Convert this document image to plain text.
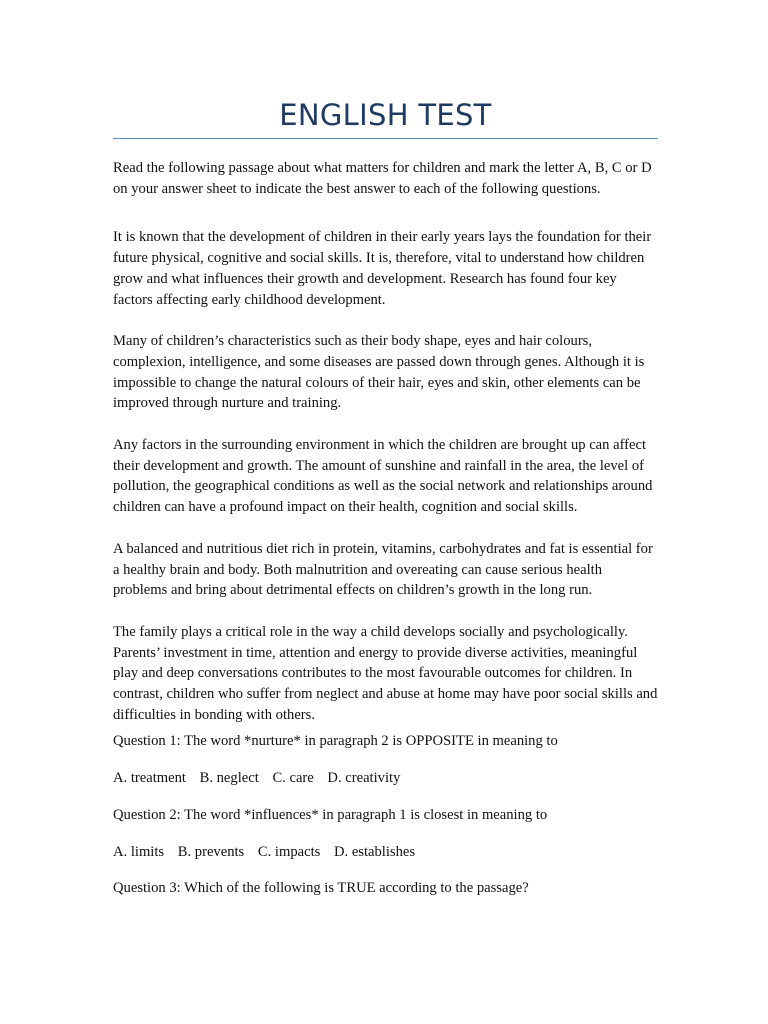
ENGLISH TEST

Read the following passage about what matters for children and mark the letter A, B, C or D on your answer sheet to indicate the best answer to each of the following questions.

It is known that the development of children in their early years lays the foundation for their future physical, cognitive and social skills. It is, therefore, vital to understand how children grow and what influences their growth and development. Research has found four key factors affecting early childhood development.

Many of children’s characteristics such as their body shape, eyes and hair colours, complexion, intelligence, and some diseases are passed down through genes. Although it is impossible to change the natural colours of their hair, eyes and skin, other elements can be improved through nurture and training.

Any factors in the surrounding environment in which the children are brought up can affect their development and growth. The amount of sunshine and rainfall in the area, the level of pollution, the geographical conditions as well as the social network and relationships around children can have a profound impact on their health, cognition and social skills.

A balanced and nutritious diet rich in protein, vitamins, carbohydrates and fat is essential for a healthy brain and body. Both malnutrition and overeating can cause serious health problems and bring about detrimental effects on children’s growth in the long run.

The family plays a critical role in the way a child develops socially and psychologically. Parents’ investment in time, attention and energy to provide diverse activities, meaningful play and deep conversations contributes to the most favourable outcomes for children. In contrast, children who suffer from neglect and abuse at home may have poor social skills and difficulties in bonding with others.

Question 1: The word *nurture* in paragraph 2 is OPPOSITE in meaning to

A. treatment B. neglect C. care D. creativity

Question 2: The word *influences* in paragraph 1 is closest in meaning to

A. limits B. prevents C. impacts D. establishes

Question 3: Which of the following is TRUE according to the passage?
